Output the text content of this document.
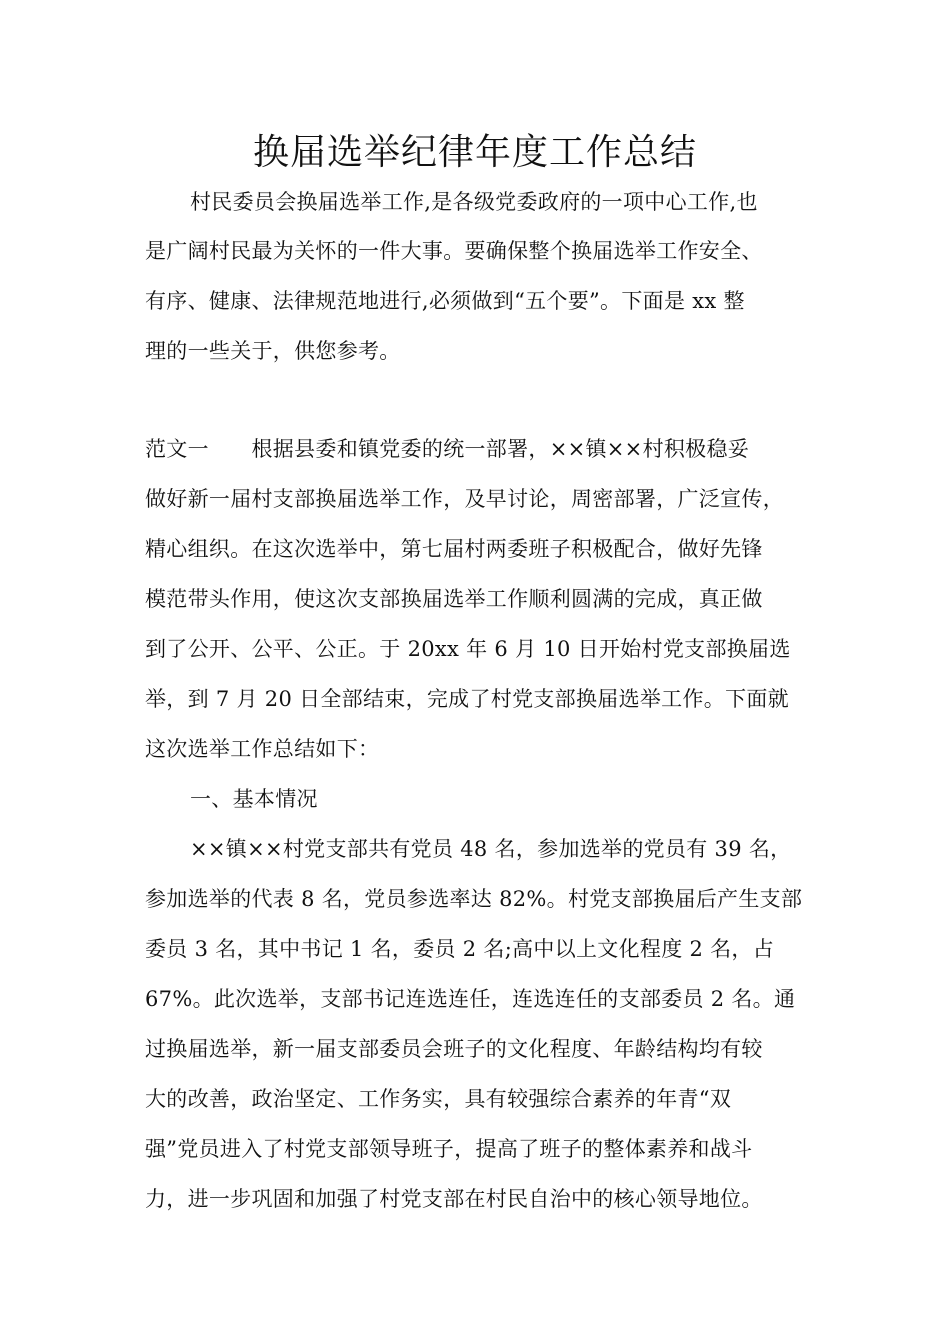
换届选举纪律年度工作总结
村民委员会换届选举工作,是各级党委政府的一项中心工作,也
是广阔村民最为关怀的一件大事。要确保整个换届选举工作安全、
有序、健康、法律规范地进行,必须做到“五个要”。下面是 xx 整
理的一些关于，供您参考。
范文一　　根据县委和镇党委的统一部署，××镇××村积极稳妥
做好新一届村支部换届选举工作，及早讨论，周密部署，广泛宣传，
精心组织。在这次选举中，第七届村两委班子积极配合，做好先锋
模范带头作用，使这次支部换届选举工作顺利圆满的完成，真正做
到了公开、公平、公正。于 20xx 年 6 月 10 日开始村党支部换届选
举，到 7 月 20 日全部结束，完成了村党支部换届选举工作。下面就
这次选举工作总结如下：
一、基本情况
××镇××村党支部共有党员 48 名，参加选举的党员有 39 名，
参加选举的代表 8 名，党员参选率达 82%。村党支部换届后产生支部
委员 3 名，其中书记 1 名，委员 2 名;高中以上文化程度 2 名，占
67%。此次选举，支部书记连选连任，连选连任的支部委员 2 名。通
过换届选举，新一届支部委员会班子的文化程度、年龄结构均有较
大的改善，政治坚定、工作务实，具有较强综合素养的年青“双
强”党员进入了村党支部领导班子，提高了班子的整体素养和战斗
力，进一步巩固和加强了村党支部在村民自治中的核心领导地位。
